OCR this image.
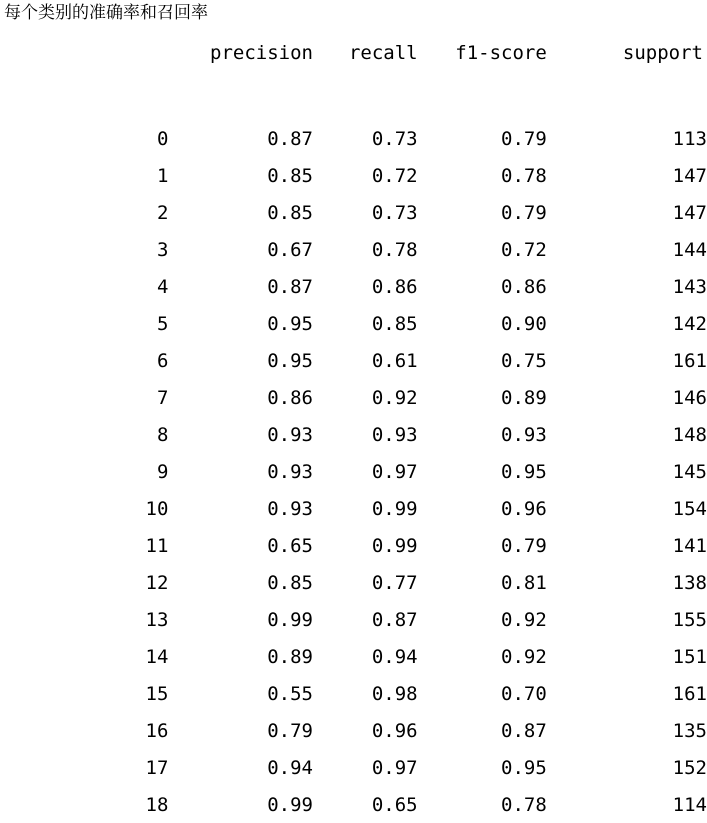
每个类别的准确率和召回率
	precision	recall	f1-score	support

0	0.87	0.73	0.79	113
1	0.85	0.72	0.78	147
2	0.85	0.73	0.79	147
3	0.67	0.78	0.72	144
4	0.87	0.86	0.86	143
5	0.95	0.85	0.90	142
6	0.95	0.61	0.75	161
7	0.86	0.92	0.89	146
8	0.93	0.93	0.93	148
9	0.93	0.97	0.95	145
10	0.93	0.99	0.96	154
11	0.65	0.99	0.79	141
12	0.85	0.77	0.81	138
13	0.99	0.87	0.92	155
14	0.89	0.94	0.92	151
15	0.55	0.98	0.70	161
16	0.79	0.96	0.87	135
17	0.94	0.97	0.95	152
18	0.99	0.65	0.78	114
